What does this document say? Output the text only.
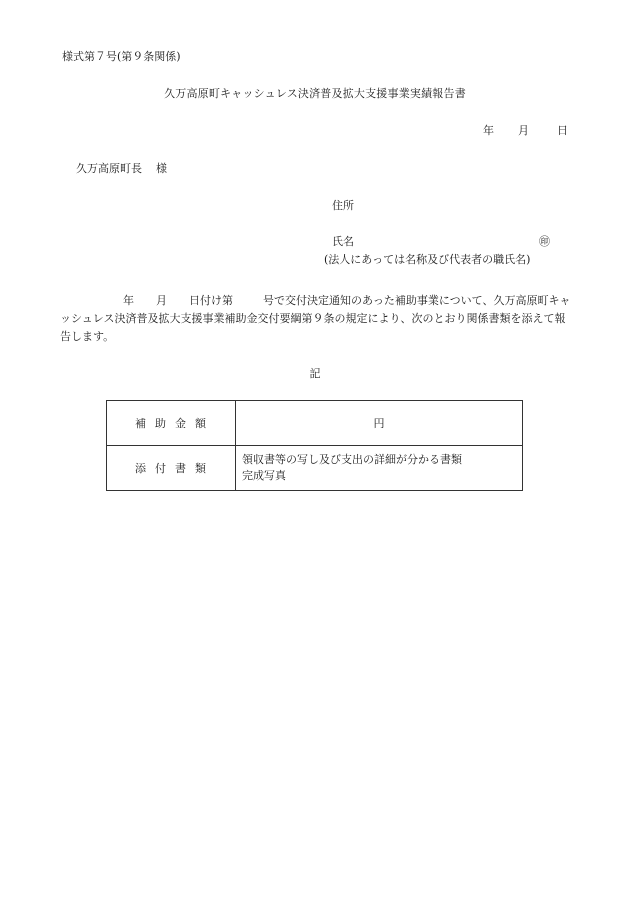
様式第７号(第９条関係)
久万高原町キャッシュレス決済普及拡大支援事業実績報告書
年 月	日
久万高原町長 様
住所
氏名	㊞
(法人にあっては名称及び代表者の職氏名)
年 月 日付け第	号で交付決定通知のあった補助事業について、久万高原町キャッシュレス決済普及拡大支援事業補助金交付要綱第９条の規定により、次のとおり関係書類を添えて報告します。
記
補助金額	円
添付書類	領収書等の写し及び支出の詳細が分かる書類
完成写真
